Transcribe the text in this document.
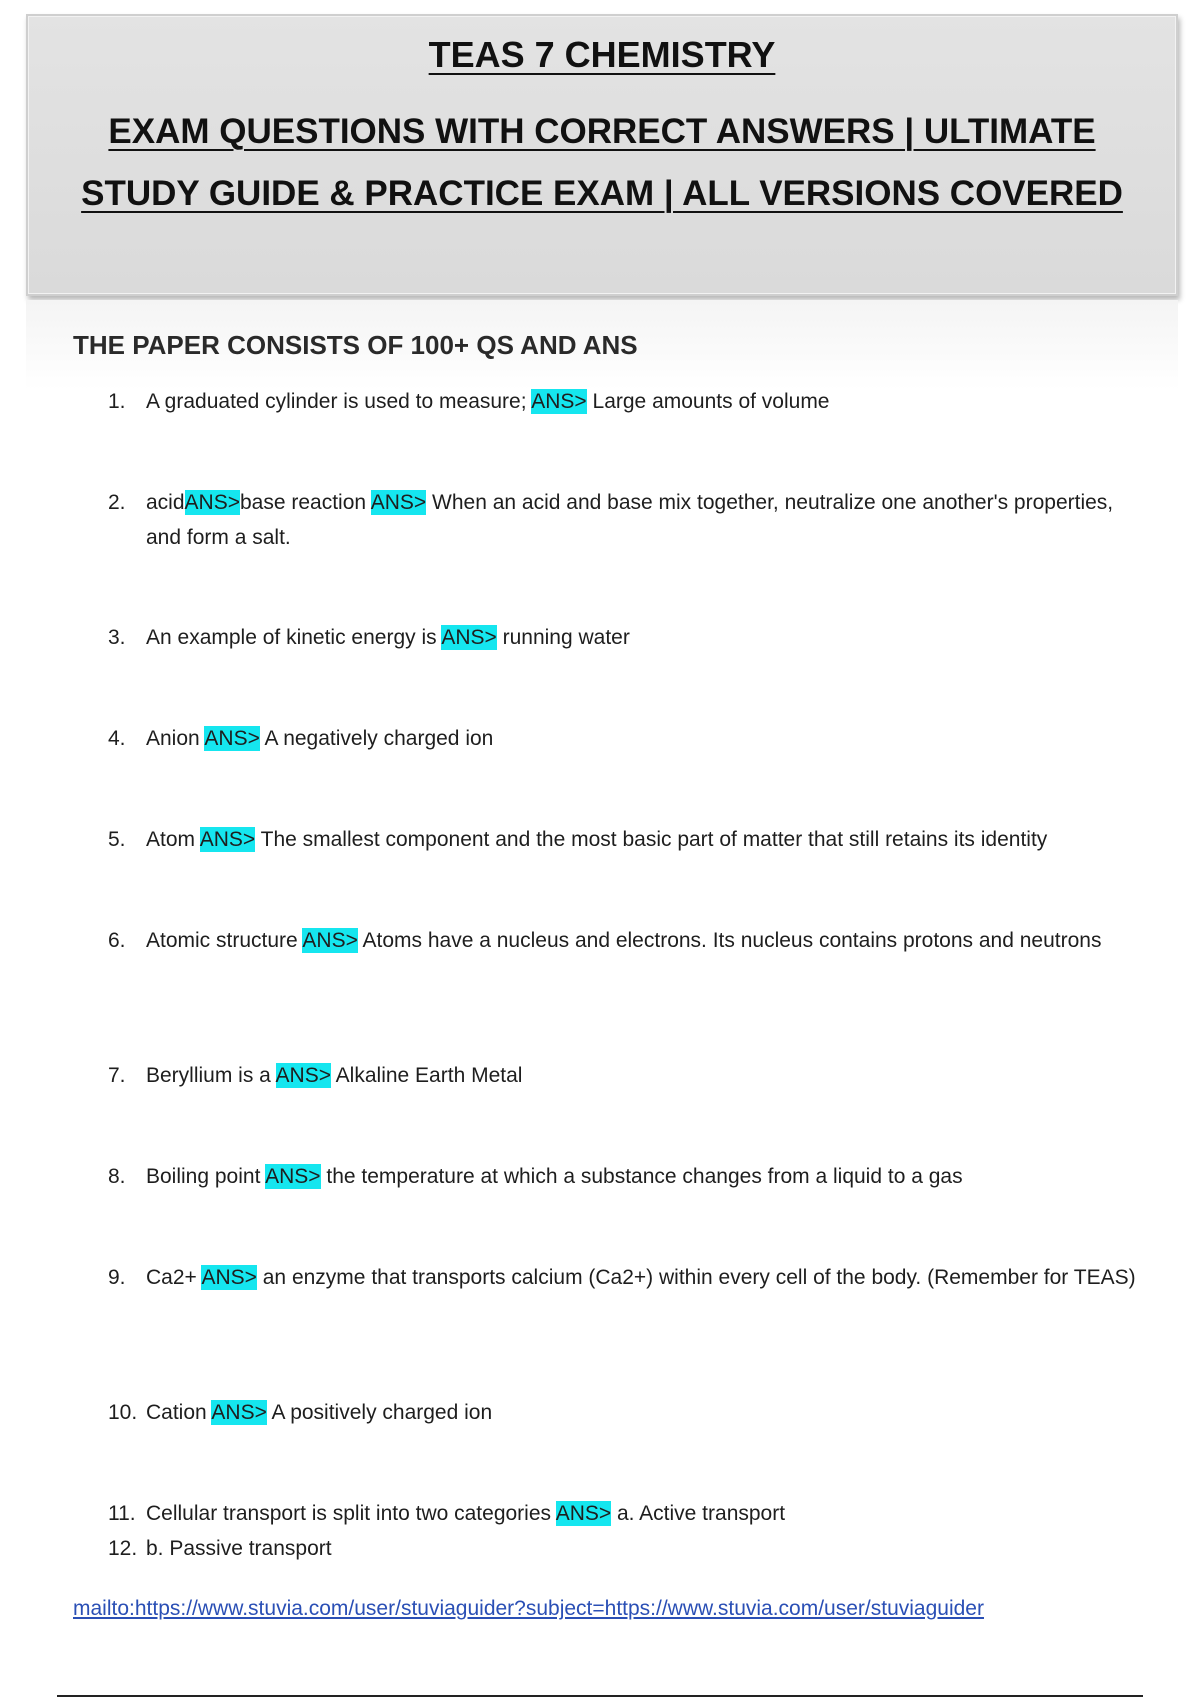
TEAS 7 CHEMISTRY
EXAM QUESTIONS WITH CORRECT ANSWERS | ULTIMATE
STUDY GUIDE & PRACTICE EXAM | ALL VERSIONS COVERED
THE PAPER CONSISTS OF 100+ QS AND ANS
1. A graduated cylinder is used to measure; ANS> Large amounts of volume
2. acidANS>base reaction ANS> When an acid and base mix together, neutralize one another's properties, and form a salt.
3. An example of kinetic energy is ANS> running water
4. Anion ANS> A negatively charged ion
5. Atom ANS> The smallest component and the most basic part of matter that still retains its identity
6. Atomic structure ANS> Atoms have a nucleus and electrons. Its nucleus contains protons and neutrons
7. Beryllium is a ANS> Alkaline Earth Metal
8. Boiling point ANS> the temperature at which a substance changes from a liquid to a gas
9. Ca2+ ANS> an enzyme that transports calcium (Ca2+) within every cell of the body. (Remember for TEAS)
10. Cation ANS> A positively charged ion
11. Cellular transport is split into two categories ANS> a. Active transport
12. b. Passive transport
mailto:https://www.stuvia.com/user/stuviaguider?subject=https://www.stuvia.com/user/stuviaguider
